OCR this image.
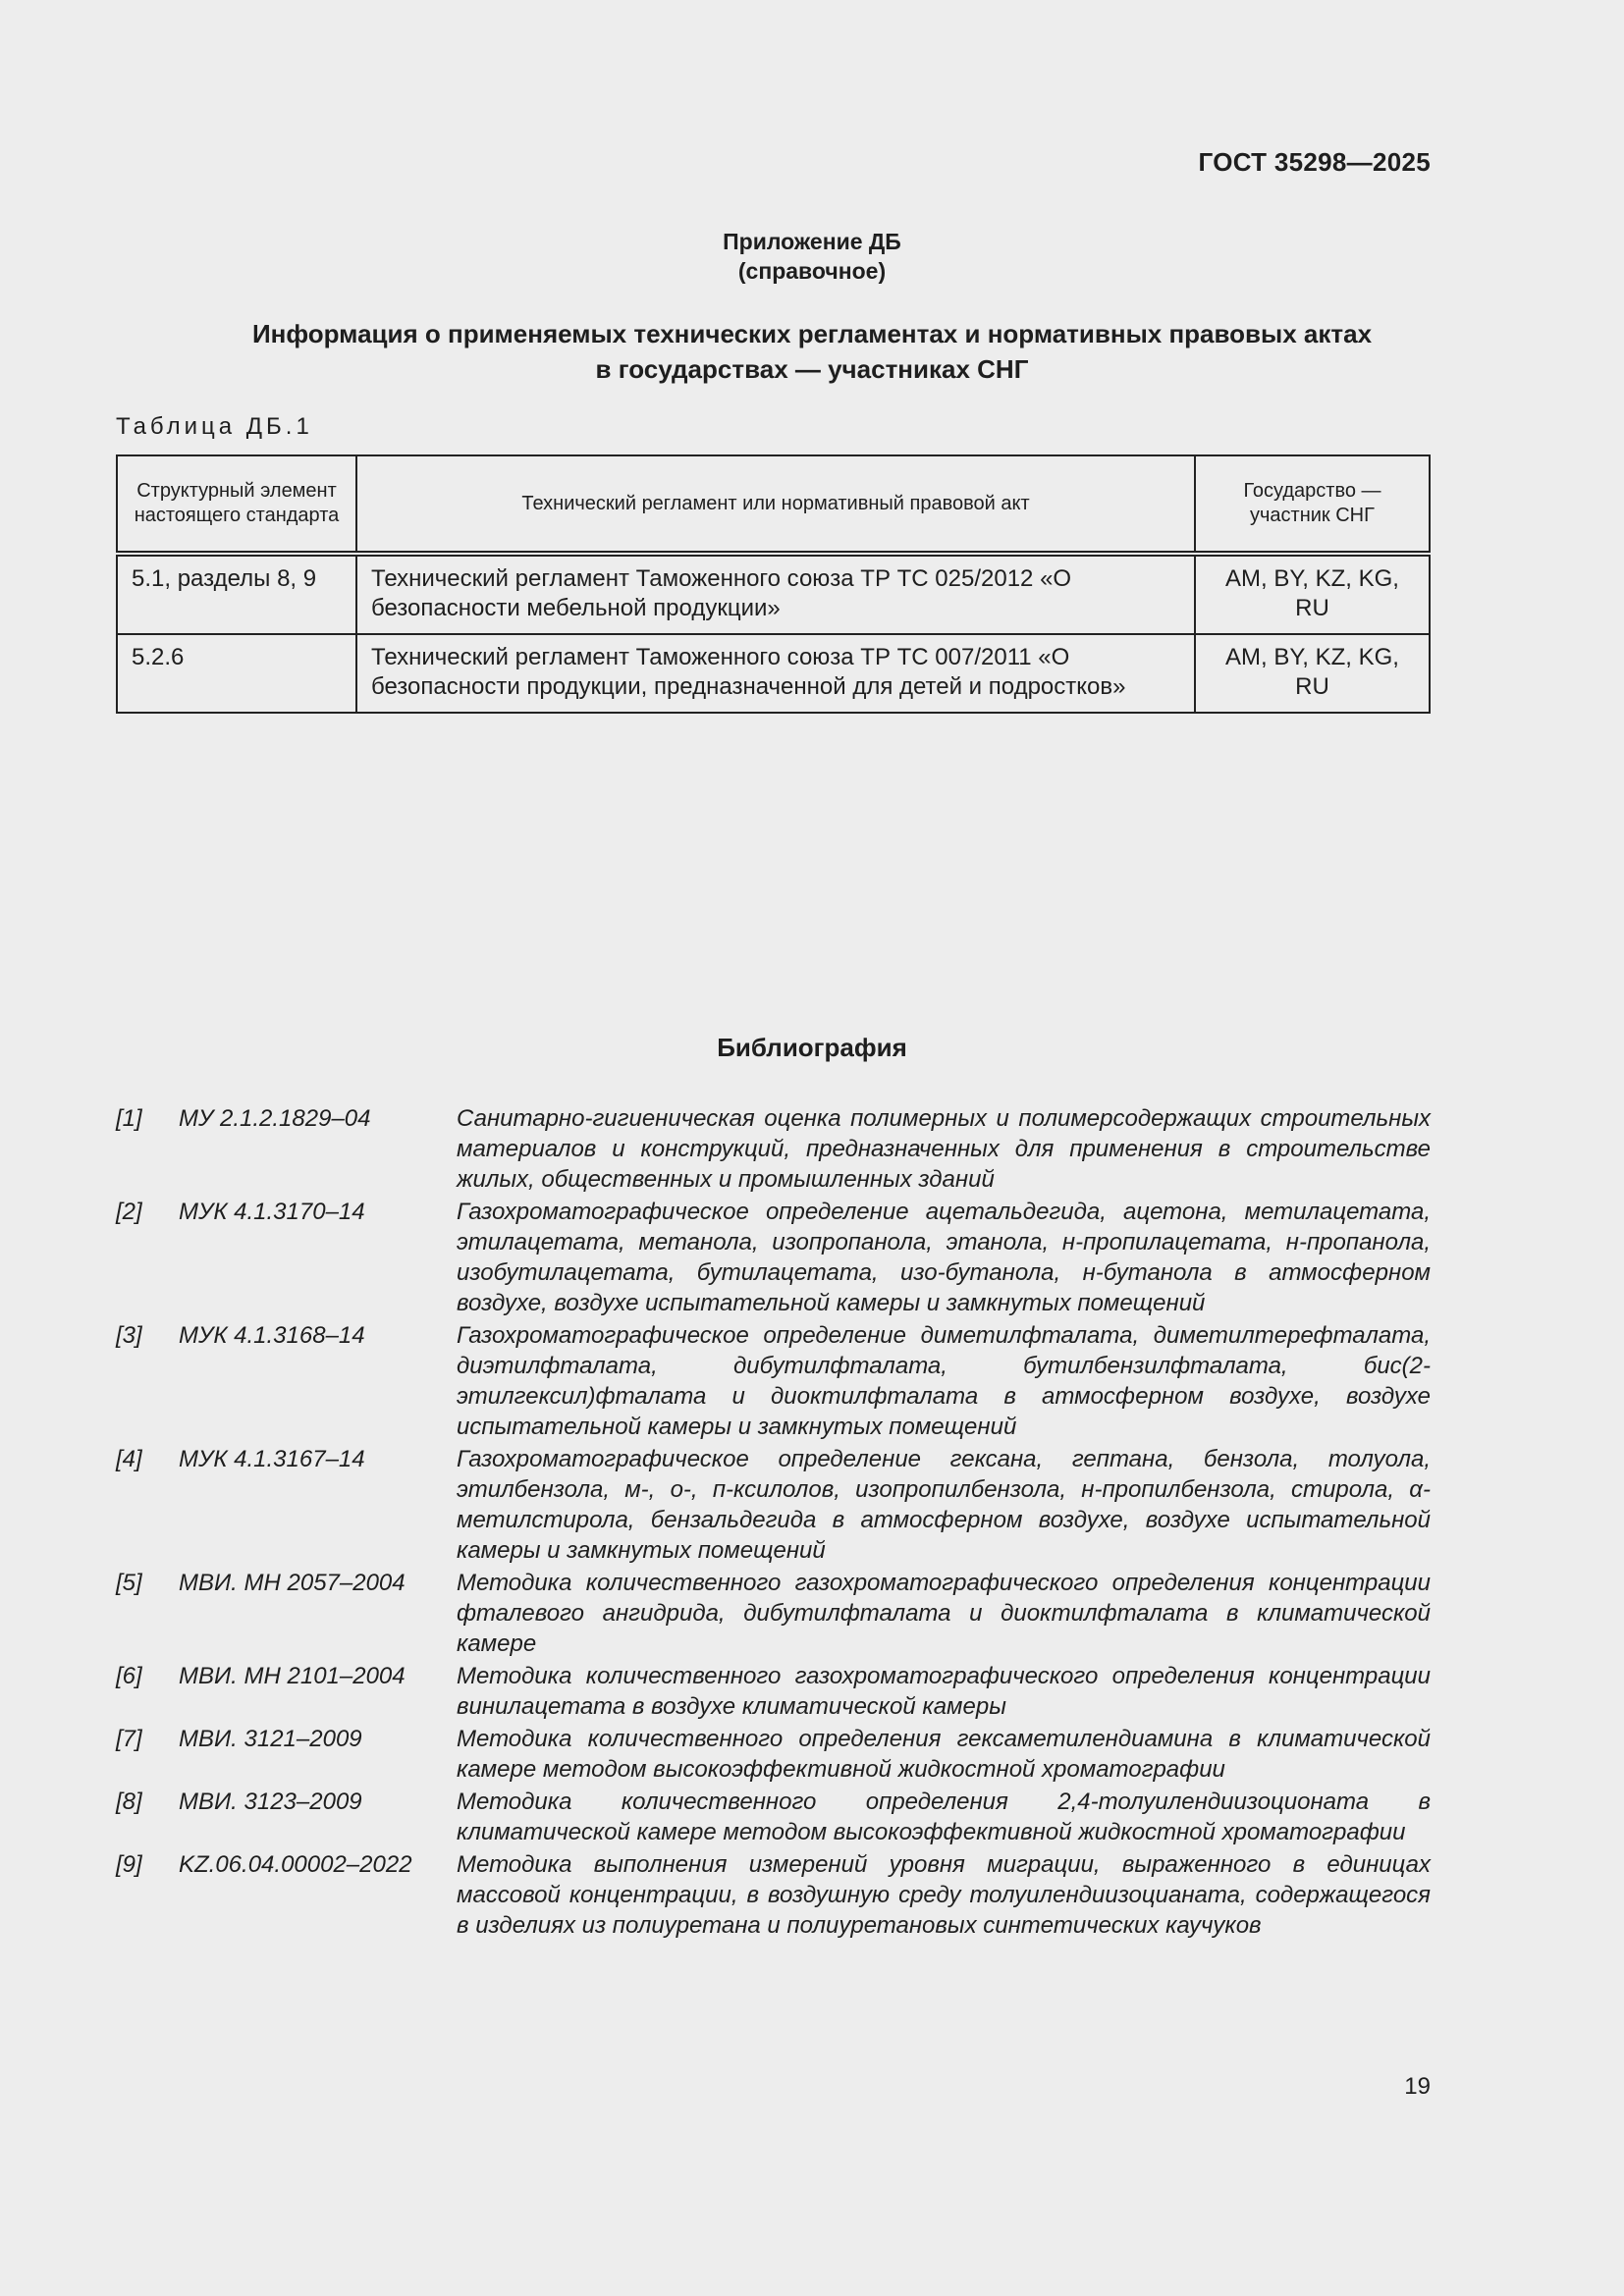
ГОСТ 35298—2025
Приложение ДБ
(справочное)
Информация о применяемых технических регламентах и нормативных правовых актах
в государствах — участниках СНГ
Таблица ДБ.1
Структурный элемент настоящего стандарта	Технический регламент или нормативный правовой акт	Государство — участник СНГ
5.1, разделы 8, 9	Технический регламент Таможенного союза ТР ТС 025/2012 «О безопасности мебельной продукции»	AM, BY, KZ, KG, RU
5.2.6	Технический регламент Таможенного союза ТР ТС 007/2011 «О безопасности продукции, предназначенной для детей и подростков»	AM, BY, KZ, KG, RU
Библиография
[1]	МУ 2.1.2.1829–04	Санитарно-гигиеническая оценка полимерных и полимерсодержащих строительных материалов и конструкций, предназначенных для применения в строительстве жилых, общественных и промышленных зданий
[2]	МУК 4.1.3170–14	Газохроматографическое определение ацетальдегида, ацетона, метилацетата, этилацетата, метанола, изопропанола, этанола, н-пропилацетата, н-пропанола, изобутилацетата, бутилацетата, изо-бутанола, н-бутанола в атмосферном воздухе, воздухе испытательной камеры и замкнутых помещений
[3]	МУК 4.1.3168–14	Газохроматографическое определение диметилфталата, диметилтерефталата, диэтилфталата, дибутилфталата, бутилбензилфталата, бис(2-этилгексил)фталата и диоктилфталата в атмосферном воздухе, воздухе испытательной камеры и замкнутых помещений
[4]	МУК 4.1.3167–14	Газохроматографическое определение гексана, гептана, бензола, толуола, этилбензола, м-, о-, п-ксилолов, изопропилбензола, н-пропилбензола, стирола, α-метилстирола, бензальдегида в атмосферном воздухе, воздухе испытательной камеры и замкнутых помещений
[5]	МВИ. МН 2057–2004	Методика количественного газохроматографического определения концентрации фталевого ангидрида, дибутилфталата и диоктилфталата в климатической камере
[6]	МВИ. МН 2101–2004	Методика количественного газохроматографического определения концентрации винилацетата в воздухе климатической камеры
[7]	МВИ. 3121–2009	Методика количественного определения гексаметилендиамина в климатической камере методом высокоэффективной жидкостной хроматографии
[8]	МВИ. 3123–2009	Методика количественного определения 2,4-толуилендиизоционата в климатической камере методом высокоэффективной жидкостной хроматографии
[9]	KZ.06.04.00002–2022	Методика выполнения измерений уровня миграции, выраженного в единицах массовой концентрации, в воздушную среду толуилендиизоцианата, содержащегося в изделиях из полиуретана и полиуретановых синтетических каучуков
19
